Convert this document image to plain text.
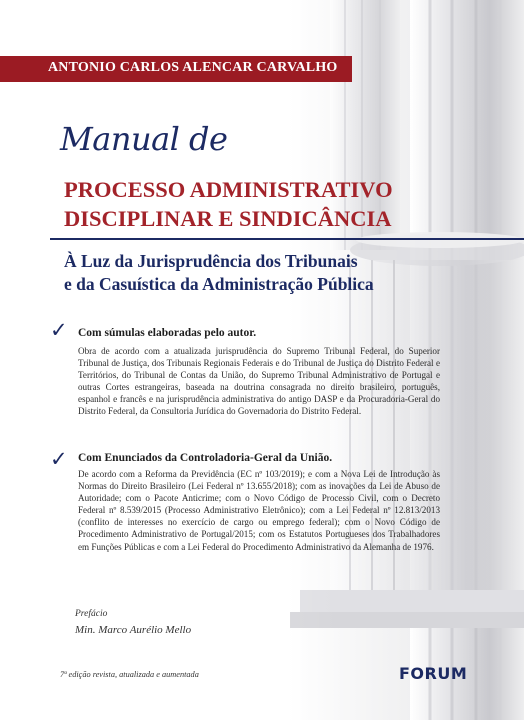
ANTONIO CARLOS ALENCAR CARVALHO
Manual de
PROCESSO ADMINISTRATIVO
DISCIPLINAR E SINDICÂNCIA
À Luz da Jurisprudência dos Tribunais
e da Casuística da Administração Pública
✓ Com súmulas elaboradas pelo autor.
Obra de acordo com a atualizada jurisprudência do Supremo Tribunal Federal, do Superior Tribunal de Justiça, dos Tribunais Regionais Federais e do Tribunal de Justiça do Distrito Federal e Territórios, do Tribunal de Contas da União, do Supremo Tribunal Administrativo de Portugal e outras Cortes estrangeiras, baseada na doutrina consagrada no direito brasileiro, português, espanhol e francês e na jurisprudência administrativa do antigo DASP e da Procuradoria-Geral do Distrito Federal, da Consultoria Jurídica do Governadoria do Distrito Federal.
✓ Com Enunciados da Controladoria-Geral da União.
De acordo com a Reforma da Previdência (EC nº 103/2019); e com a Nova Lei de Introdução às Normas do Direito Brasileiro (Lei Federal nº 13.655/2018); com as inovações da Lei de Abuso de Autoridade; com o Pacote Anticrime; com o Novo Código de Processo Civil, com o Decreto Federal nº 8.539/2015 (Processo Administrativo Eletrônico); com a Lei Federal nº 12.813/2013 (conflito de interesses no exercício de cargo ou emprego federal); com o Novo Código de Procedimento Administrativo de Portugal/2015; com os Estatutos Portugueses dos Trabalhadores em Funções Públicas e com a Lei Federal do Procedimento Administrativo da Alemanha de 1976.
Prefácio
Min. Marco Aurélio Mello
7ª edição revista, atualizada e aumentada	FORUM
